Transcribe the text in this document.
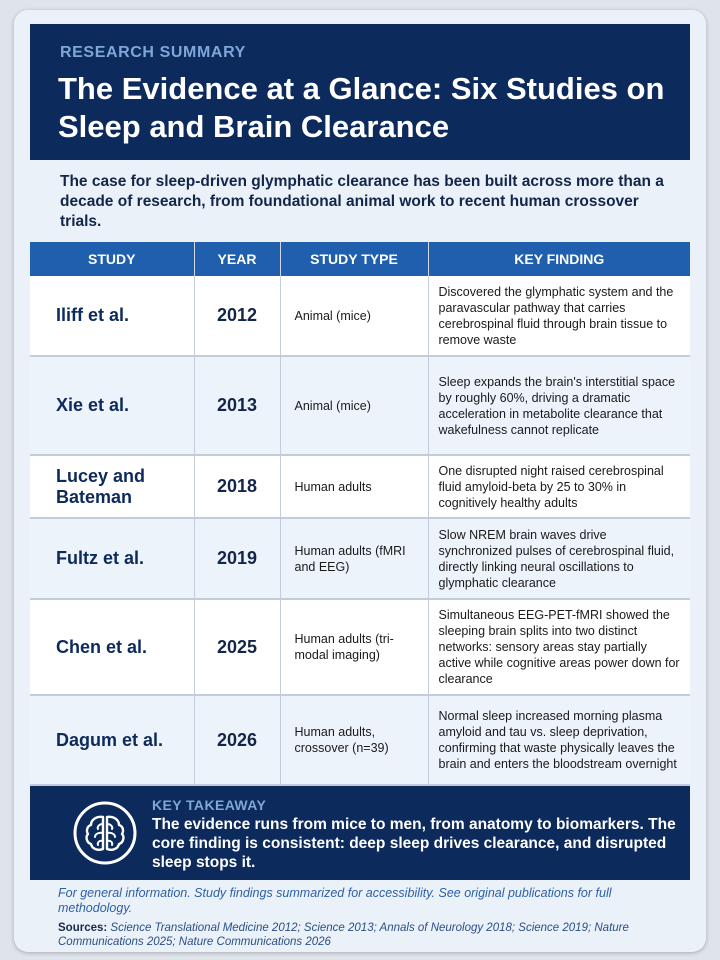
RESEARCH SUMMARY
The Evidence at a Glance: Six Studies on Sleep and Brain Clearance
The case for sleep-driven glymphatic clearance has been built across more than a decade of research, from foundational animal work to recent human crossover trials.
STUDY	YEAR	STUDY TYPE	KEY FINDING
Iliff et al.	2012	Animal (mice)	Discovered the glymphatic system and the paravascular pathway that carries cerebrospinal fluid through brain tissue to remove waste
Xie et al.	2013	Animal (mice)	Sleep expands the brain's interstitial space by roughly 60%, driving a dramatic acceleration in metabolite clearance that wakefulness cannot replicate
Lucey and Bateman	2018	Human adults	One disrupted night raised cerebrospinal fluid amyloid-beta by 25 to 30% in cognitively healthy adults
Fultz et al.	2019	Human adults (fMRI and EEG)	Slow NREM brain waves drive synchronized pulses of cerebrospinal fluid, directly linking neural oscillations to glymphatic clearance
Chen et al.	2025	Human adults (tri-modal imaging)	Simultaneous EEG-PET-fMRI showed the sleeping brain splits into two distinct networks: sensory areas stay partially active while cognitive areas power down for clearance
Dagum et al.	2026	Human adults, crossover (n=39)	Normal sleep increased morning plasma amyloid and tau vs. sleep deprivation, confirming that waste physically leaves the brain and enters the bloodstream overnight
KEY TAKEAWAY
The evidence runs from mice to men, from anatomy to biomarkers. The core finding is consistent: deep sleep drives clearance, and disrupted sleep stops it.
For general information. Study findings summarized for accessibility. See original publications for full methodology.
Sources: Science Translational Medicine 2012; Science 2013; Annals of Neurology 2018; Science 2019; Nature Communications 2025; Nature Communications 2026
